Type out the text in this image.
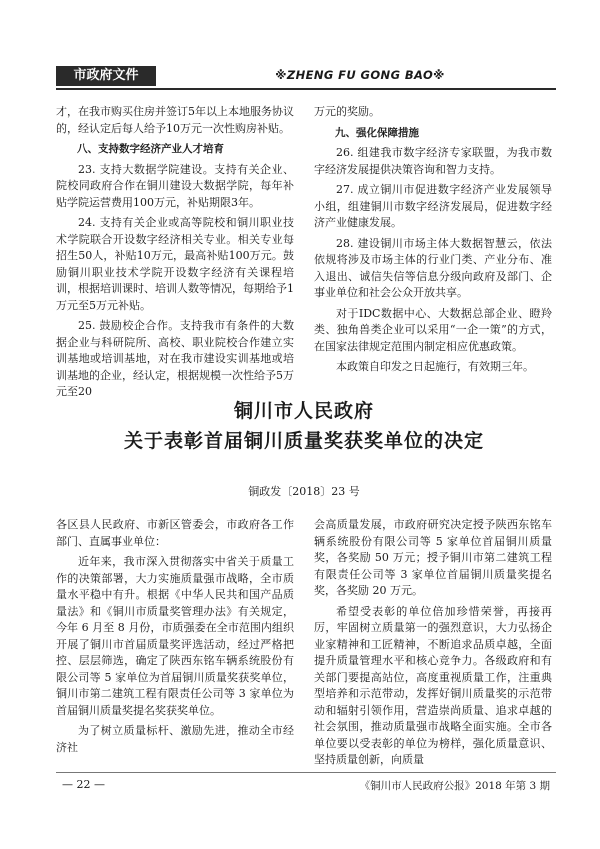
市政府文件	※ZHENG FU GONG BAO※

才，在我市购买住房并签订5年以上本地服务协议的，经认定后每人给予10万元一次性购房补贴。

八、支持数字经济产业人才培育

23. 支持大数据学院建设。支持有关企业、院校同政府合作在铜川建设大数据学院，每年补贴学院运营费用100万元，补贴期限3年。

24. 支持有关企业或高等院校和铜川职业技术学院联合开设数字经济相关专业。相关专业每招生50人，补贴10万元，最高补贴100万元。鼓励铜川职业技术学院开设数字经济有关课程培训，根据培训课时、培训人数等情况，每期给予1万元至5万元补贴。

25. 鼓励校企合作。支持我市有条件的大数据企业与科研院所、高校、职业院校合作建立实训基地或培训基地，对在我市建设实训基地或培训基地的企业，经认定，根据规模一次性给予5万元至20

万元的奖励。

九、强化保障措施

26. 组建我市数字经济专家联盟，为我市数字经济发展提供决策咨询和智力支持。

27. 成立铜川市促进数字经济产业发展领导小组，组建铜川市数字经济发展局，促进数字经济产业健康发展。

28. 建设铜川市场主体大数据智慧云，依法依规将涉及市场主体的行业门类、产业分布、准入退出、诚信失信等信息分级向政府及部门、企事业单位和社会公众开放共享。

对于IDC数据中心、大数据总部企业、瞪羚类、独角兽类企业可以采用“一企一策”的方式，在国家法律规定范围内制定相应优惠政策。

本政策自印发之日起施行，有效期三年。

铜川市人民政府
关于表彰首届铜川质量奖获奖单位的决定
铜政发〔2018〕23 号

各区县人民政府、市新区管委会，市政府各工作部门、直属事业单位：

近年来，我市深入贯彻落实中省关于质量工作的决策部署，大力实施质量强市战略，全市质量水平稳中有升。根据《中华人民共和国产品质量法》和《铜川市质量奖管理办法》有关规定，今年 6 月至 8 月份，市质强委在全市范围内组织开展了铜川市首届质量奖评选活动，经过严格把控、层层筛选，确定了陕西东铭车辆系统股份有限公司等 5 家单位为首届铜川质量奖获奖单位，铜川市第二建筑工程有限责任公司等 3 家单位为首届铜川质量奖提名奖获奖单位。

为了树立质量标杆、激励先进，推动全市经济社

会高质量发展，市政府研究决定授予陕西东铭车辆系统股份有限公司等 5 家单位首届铜川质量奖，各奖励 50 万元；授予铜川市第二建筑工程有限责任公司等 3 家单位首届铜川质量奖提名奖，各奖励 20 万元。

希望受表彰的单位倍加珍惜荣誉，再接再厉，牢固树立质量第一的强烈意识，大力弘扬企业家精神和工匠精神，不断追求品质卓越，全面提升质量管理水平和核心竞争力。各级政府和有关部门要提高站位，高度重视质量工作，注重典型培养和示范带动，发挥好铜川质量奖的示范带动和辐射引领作用，营造崇尚质量、追求卓越的社会氛围，推动质量强市战略全面实施。全市各单位要以受表彰的单位为榜样，强化质量意识、坚持质量创新，向质量

— 22 —	《铜川市人民政府公报》2018 年第 3 期
